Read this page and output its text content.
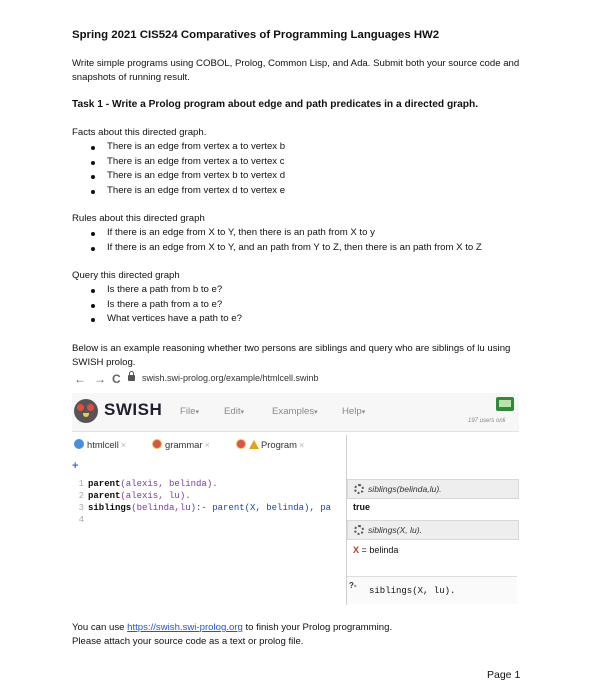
Spring 2021 CIS524 Comparatives of Programming Languages HW2
Write simple programs using COBOL, Prolog, Common Lisp, and Ada. Submit both your source code and snapshots of running result.
Task 1 - Write a Prolog program about edge and path predicates in a directed graph.
Facts about this directed graph.
There is an edge from vertex a to vertex b
There is an edge from vertex a to vertex c
There is an edge from vertex b to vertex d
There is an edge from vertex d to vertex e
Rules about this directed graph
If there is an edge from X to Y, then there is an path from X to y
If there is an edge from X to Y, and an path from Y to Z, then there is an path from X to Z
Query this directed graph
Is there a path from b to e?
Is there a path from a to e?
What vertices have a path to e?
Below is an example reasoning whether two persons are siblings and query who are siblings of lu using SWISH prolog.
← → C swish.swi-prolog.org/example/htmlcell.swinb
SWISH File▾	Edit▾	Examples▾	Help▾
197 users onli
htmlcell ×	grammar ×	Program ×
+
1 parent(alexis, belinda).
2 parent(alexis, lu).
3 siblings(belinda,lu):- parent(X, belinda), pa
4
siblings(belinda,lu).
true
siblings(X, lu).
X = belinda
?-
siblings(X, lu).
You can use https://swish.swi-prolog.org to finish your Prolog programming.
Please attach your source code as a text or prolog file.
Page 1
